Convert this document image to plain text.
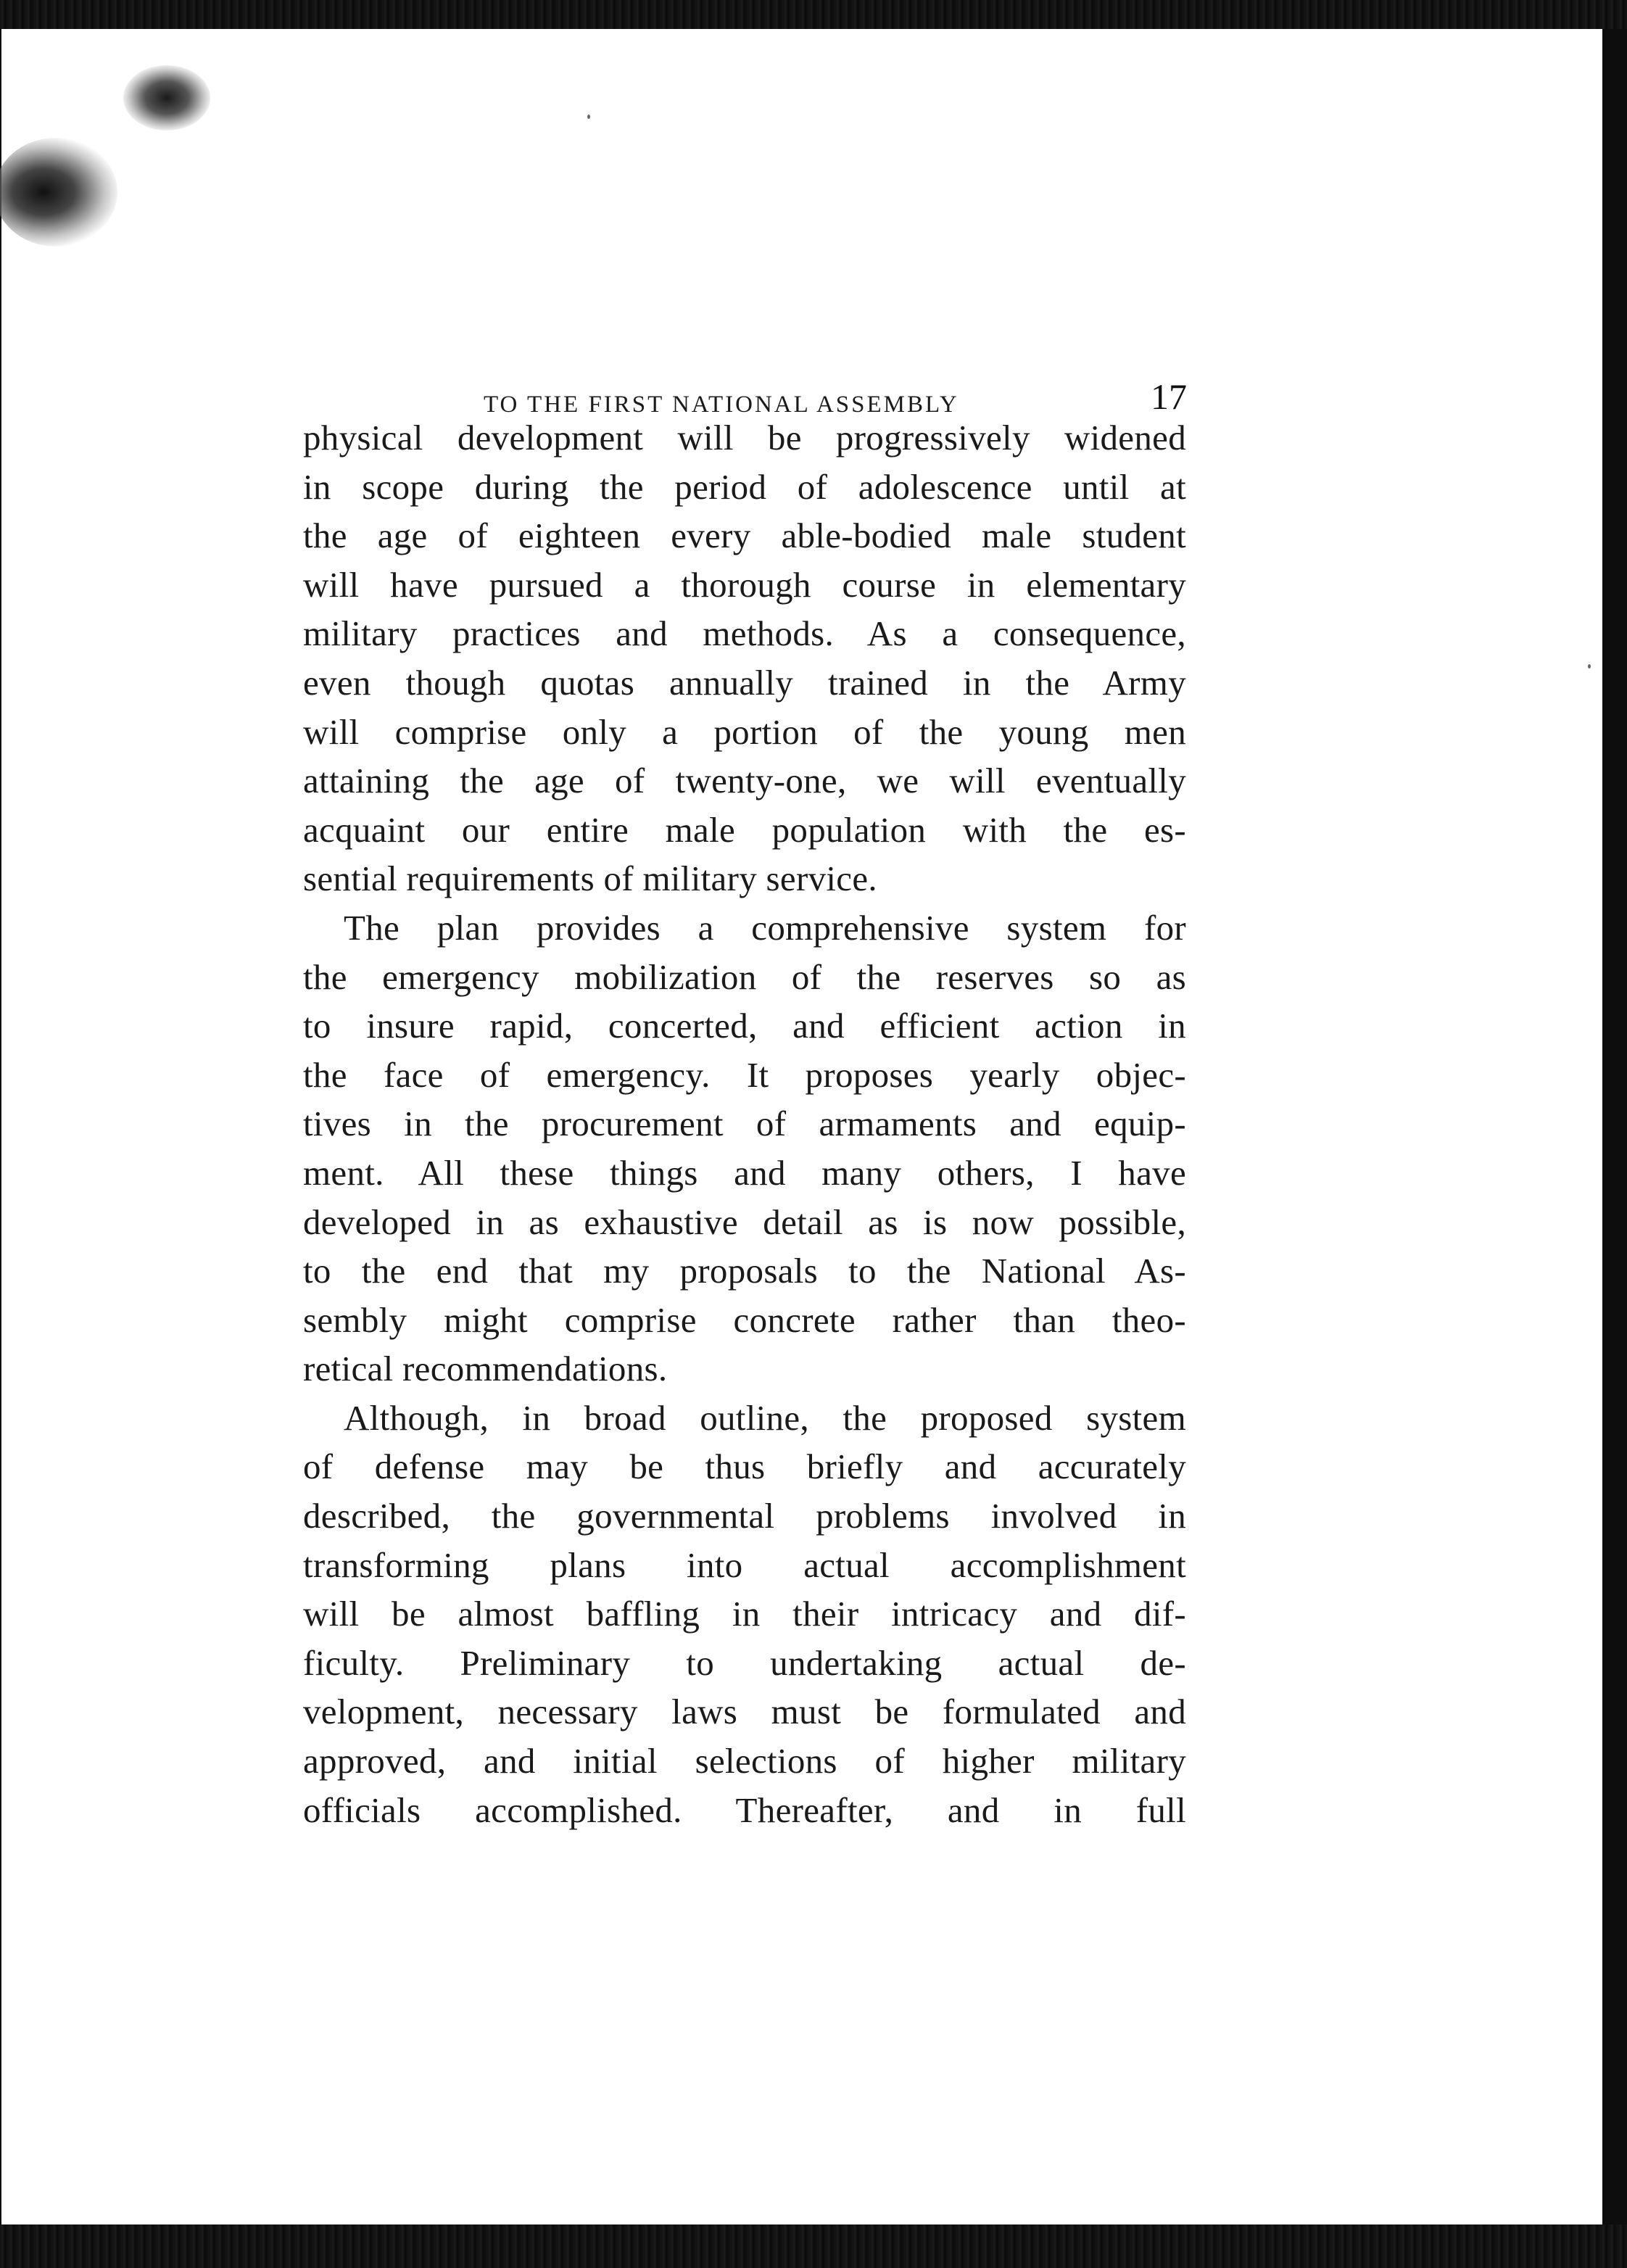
TO THE FIRST NATIONAL ASSEMBLY	17
physical development will be progressively widened
in scope during the period of adolescence until at
the age of eighteen every able-bodied male student
will have pursued a thorough course in elementary
military practices and methods. As a consequence,
even though quotas annually trained in the Army
will comprise only a portion of the young men
attaining the age of twenty-one, we will eventually
acquaint our entire male population with the es-
sential requirements of military service.
The plan provides a comprehensive system for
the emergency mobilization of the reserves so as
to insure rapid, concerted, and efficient action in
the face of emergency. It proposes yearly objec-
tives in the procurement of armaments and equip-
ment. All these things and many others, I have
developed in as exhaustive detail as is now possible,
to the end that my proposals to the National As-
sembly might comprise concrete rather than theo-
retical recommendations.
Although, in broad outline, the proposed system
of defense may be thus briefly and accurately
described, the governmental problems involved in
transforming plans into actual accomplishment
will be almost baffling in their intricacy and dif-
ficulty. Preliminary to undertaking actual de-
velopment, necessary laws must be formulated and
approved, and initial selections of higher military
officials accomplished. Thereafter, and in full
